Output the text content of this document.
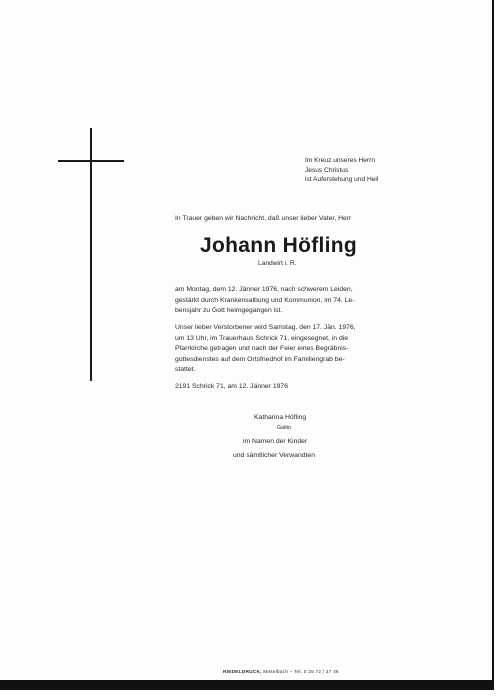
Im Kreuz unseres Herrn
Jesus Christus
ist Auferstehung und Heil
In Trauer geben wir Nachricht, daß unser lieber Vater, Herr
Johann Höfling
Landwirt i. R.
am Montag, dem 12. Jänner 1976, nach schwerem Leiden,
gestärkt durch Krankensalbung und Kommunion, im 74. Le-
bensjahr zu Gott heimgegangen ist.
Unser lieber Verstorbener wird Samstag, den 17. Jän. 1976,
um 13 Uhr, im Trauerhaus Schrick 71, eingesegnet, in die
Pfarrkirche getragen und nach der Feier eines Begräbnis-
gottesdienstes auf dem Ortsfriedhof im Familiengrab be-
stattet.
2191 Schrick 71, am 12. Jänner 1976
Katharina Höfling
Gattin
im Namen der Kinder
und sämtlicher Verwandten
RIEDELDRUCK, Mistelbach – Tel. 0 25 72 / 37 46
